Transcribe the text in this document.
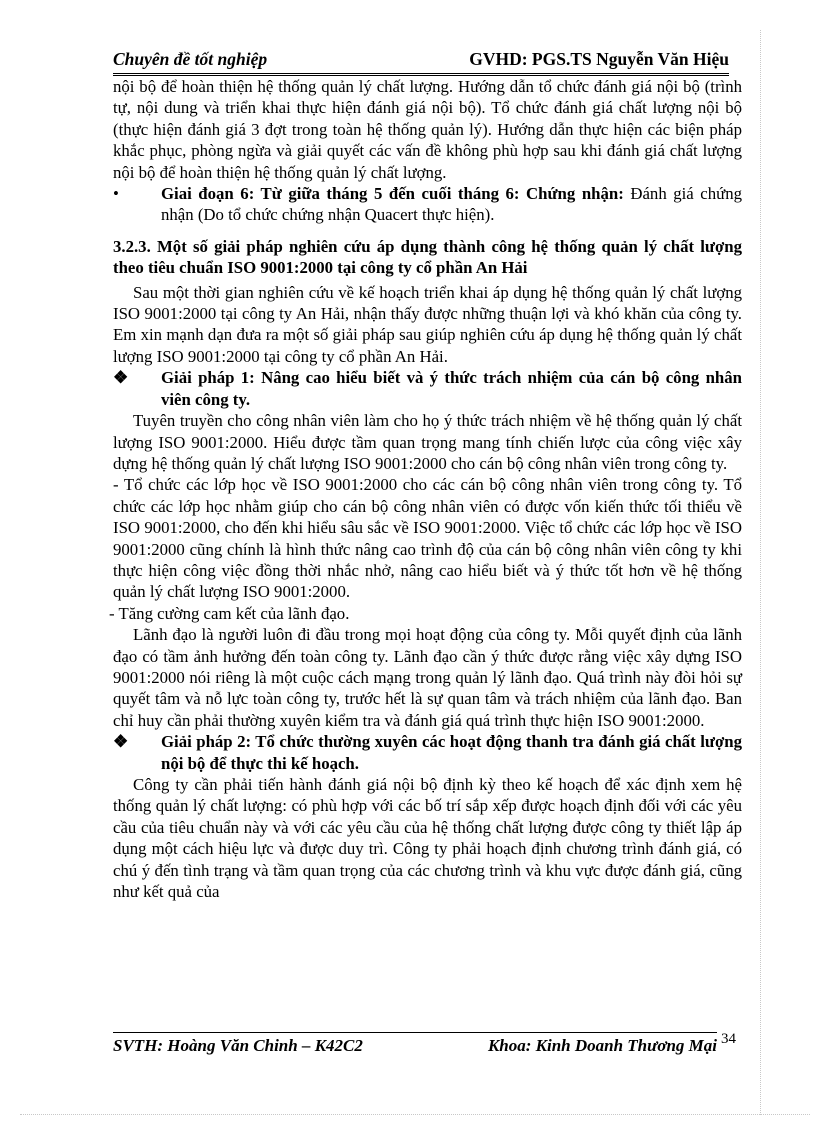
Chuyên đề tốt nghiệp	GVHD: PGS.TS Nguyễn Văn Hiệu

nội bộ để hoàn thiện hệ thống quản lý chất lượng. Hướng dẫn tổ chức đánh giá nội bộ (trình tự, nội dung và triển khai thực hiện đánh giá nội bộ). Tổ chức đánh giá chất lượng nội bộ (thực hiện đánh giá 3 đợt trong toàn hệ thống quản lý). Hướng dẫn thực hiện các biện pháp khắc phục, phòng ngừa và giải quyết các vấn đề không phù hợp sau khi đánh giá chất lượng nội bộ để hoàn thiện hệ thống quản lý chất lượng.

•	Giai đoạn 6: Từ giữa tháng 5 đến cuối tháng 6: Chứng nhận: Đánh giá chứng nhận (Do tổ chức chứng nhận Quacert thực hiện).

3.2.3. Một số giải pháp nghiên cứu áp dụng thành công hệ thống quản lý chất lượng theo tiêu chuẩn ISO 9001:2000 tại công ty cổ phần An Hải

Sau một thời gian nghiên cứu về kế hoạch triển khai áp dụng hệ thống quản lý chất lượng ISO 9001:2000 tại công ty An Hải, nhận thấy được những thuận lợi và khó khăn của công ty. Em xin mạnh dạn đưa ra một số giải pháp sau giúp nghiên cứu áp dụng hệ thống quản lý chất lượng ISO 9001:2000 tại công ty cổ phần An Hải.

❖ Giải pháp 1: Nâng cao hiểu biết và ý thức trách nhiệm của cán bộ công nhân viên công ty.

Tuyên truyền cho công nhân viên làm cho họ ý thức trách nhiệm về hệ thống quản lý chất lượng ISO 9001:2000. Hiểu được tầm quan trọng mang tính chiến lược của công việc xây dựng hệ thống quản lý chất lượng ISO 9001:2000 cho cán bộ công nhân viên trong công ty.

- Tổ chức các lớp học về ISO 9001:2000 cho các cán bộ công nhân viên trong công ty. Tổ chức các lớp học nhằm giúp cho cán bộ công nhân viên có được vốn kiến thức tối thiểu về ISO 9001:2000, cho đến khi hiểu sâu sắc về ISO 9001:2000. Việc tổ chức các lớp học về ISO 9001:2000 cũng chính là hình thức nâng cao trình độ của cán bộ công nhân viên công ty khi thực hiện công việc đồng thời nhắc nhở, nâng cao hiểu biết và ý thức tốt hơn về hệ thống quản lý chất lượng ISO 9001:2000.

- Tăng cường cam kết của lãnh đạo.

Lãnh đạo là người luôn đi đầu trong mọi hoạt động của công ty. Mỗi quyết định của lãnh đạo có tầm ảnh hưởng đến toàn công ty. Lãnh đạo cần ý thức được rằng việc xây dựng ISO 9001:2000 nói riêng là một cuộc cách mạng trong quản lý lãnh đạo. Quá trình này đòi hỏi sự quyết tâm và nỗ lực toàn công ty, trước hết là sự quan tâm và trách nhiệm của lãnh đạo. Ban chỉ huy cần phải thường xuyên kiểm tra và đánh giá quá trình thực hiện ISO 9001:2000.

❖ Giải pháp 2: Tổ chức thường xuyên các hoạt động thanh tra đánh giá chất lượng nội bộ để thực thi kế hoạch.

Công ty cần phải tiến hành đánh giá nội bộ định kỳ theo kế hoạch để xác định xem hệ thống quản lý chất lượng: có phù hợp với các bố trí sắp xếp được hoạch định đối với các yêu cầu của tiêu chuẩn này và với các yêu cầu của hệ thống chất lượng được công ty thiết lập áp dụng một cách hiệu lực và được duy trì. Công ty phải hoạch định chương trình đánh giá, có chú ý đến tình trạng và tầm quan trọng của các chương trình và khu vực được đánh giá, cũng như kết quả của

SVTH: Hoàng Văn Chinh – K42C2	Khoa: Kinh Doanh Thương Mại 34
